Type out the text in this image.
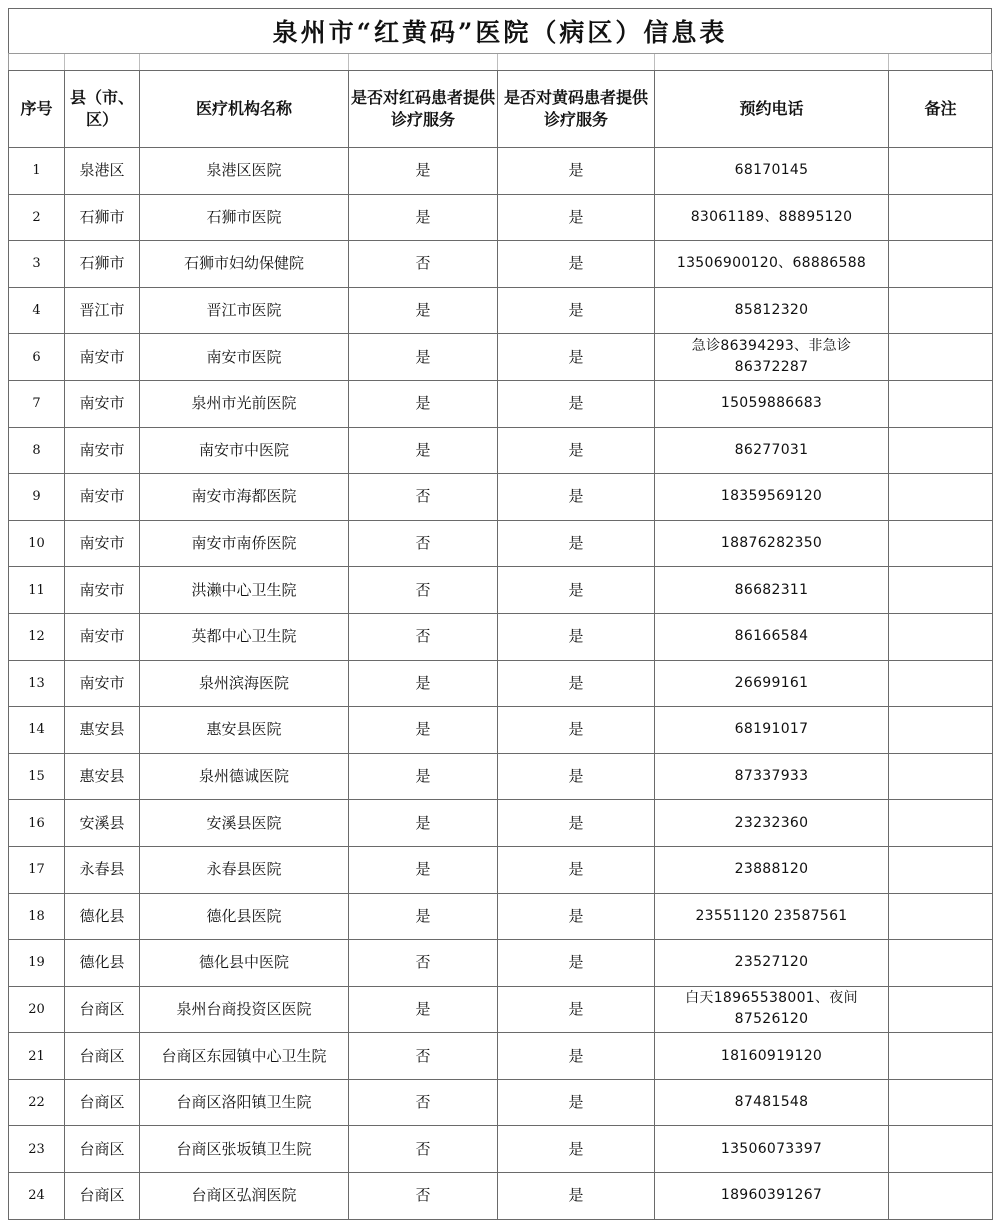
泉州市“红黄码”医院（病区）信息表
序号	县（市、区）	医疗机构名称	是否对红码患者提供诊疗服务	是否对黄码患者提供诊疗服务	预约电话	备注
1	泉港区	泉港区医院	是	是	68170145	
2	石狮市	石狮市医院	是	是	83061189、88895120	
3	石狮市	石狮市妇幼保健院	否	是	13506900120、68886588	
4	晋江市	晋江市医院	是	是	85812320	
6	南安市	南安市医院	是	是	急诊86394293、非急诊86372287	
7	南安市	泉州市光前医院	是	是	15059886683	
8	南安市	南安市中医院	是	是	86277031	
9	南安市	南安市海都医院	否	是	18359569120	
10	南安市	南安市南侨医院	否	是	18876282350	
11	南安市	洪濑中心卫生院	否	是	86682311	
12	南安市	英都中心卫生院	否	是	86166584	
13	南安市	泉州滨海医院	是	是	26699161	
14	惠安县	惠安县医院	是	是	68191017	
15	惠安县	泉州德诚医院	是	是	87337933	
16	安溪县	安溪县医院	是	是	23232360	
17	永春县	永春县医院	是	是	23888120	
18	德化县	德化县医院	是	是	23551120 23587561	
19	德化县	德化县中医院	否	是	23527120	
20	台商区	泉州台商投资区医院	是	是	白天18965538001、夜间87526120	
21	台商区	台商区东园镇中心卫生院	否	是	18160919120	
22	台商区	台商区洛阳镇卫生院	否	是	87481548	
23	台商区	台商区张坂镇卫生院	否	是	13506073397	
24	台商区	台商区弘润医院	否	是	18960391267	
